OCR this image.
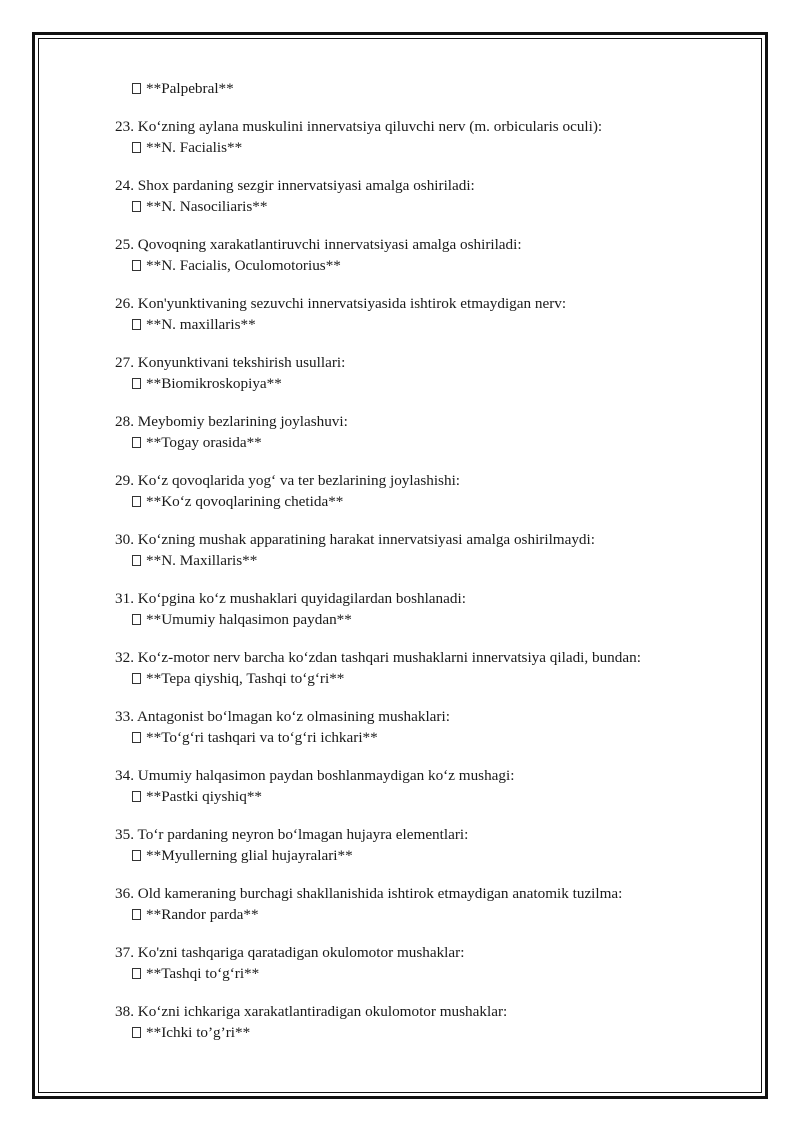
**Palpebral**
23. Ko‘zning aylana muskulini innervatsiya qiluvchi nerv (m. orbicularis oculi):
**N. Facialis**
24. Shox pardaning sezgir innervatsiyasi amalga oshiriladi:
**N. Nasociliaris**
25. Qovoqning xarakatlantiruvchi innervatsiyasi amalga oshiriladi:
**N. Facialis, Oculomotorius**
26. Kon'yunktivaning sezuvchi innervatsiyasida ishtirok etmaydigan nerv:
**N. maxillaris**
27. Konyunktivani tekshirish usullari:
**Biomikroskopiya**
28. Meybomiy bezlarining joylashuvi:
**Togay orasida**
29. Ko‘z qovoqlarida yog‘ va ter bezlarining joylashishi:
**Ko‘z qovoqlarining chetida**
30. Ko‘zning mushak apparatining harakat innervatsiyasi amalga oshirilmaydi:
**N. Maxillaris**
31. Ko‘pgina ko‘z mushaklari quyidagilardan boshlanadi:
**Umumiy halqasimon paydan**
32. Ko‘z-motor nerv barcha ko‘zdan tashqari mushaklarni innervatsiya qiladi, bundan:
**Tepa qiyshiq, Tashqi to‘g‘ri**
33. Antagonist bo‘lmagan ko‘z olmasining mushaklari:
**To‘g‘ri tashqari va to‘g‘ri ichkari**
34. Umumiy halqasimon paydan boshlanmaydigan ko‘z mushagi:
**Pastki qiyshiq**
35. To‘r pardaning neyron bo‘lmagan hujayra elementlari:
**Myullerning glial hujayralari**
36. Old kameraning burchagi shakllanishida ishtirok etmaydigan anatomik tuzilma:
**Randor parda**
37. Ko'zni tashqariga qaratadigan okulomotor mushaklar:
**Tashqi to‘g‘ri**
38. Ko‘zni ichkariga xarakatlantiradigan okulomotor mushaklar:
**Ichki to’g’ri**
